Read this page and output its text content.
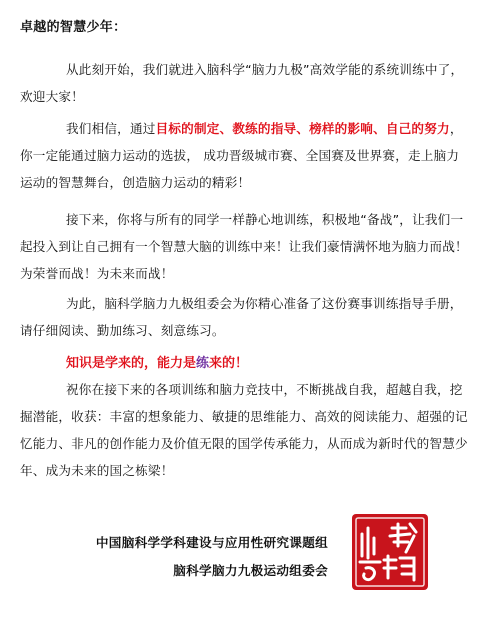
卓越的智慧少年：

从此刻开始，我们就进入脑科学“脑力九极”高效学能的系统训练中了，欢迎大家！

我们相信，通过目标的制定、教练的指导、榜样的影响、自己的努力，你一定能通过脑力运动的选拔， 成功晋级城市赛、全国赛及世界赛，走上脑力运动的智慧舞台，创造脑力运动的精彩！

接下来，你将与所有的同学一样静心地训练，积极地“备战”，让我们一起投入到让自己拥有一个智慧大脑的训练中来！让我们豪情满怀地为脑力而战！为荣誉而战！为未来而战！

为此，脑科学脑力九极组委会为你精心准备了这份赛事训练指导手册，请仔细阅读、勤加练习、刻意练习。

知识是学来的，能力是练来的！

祝你在接下来的各项训练和脑力竞技中，不断挑战自我，超越自我，挖掘潜能，收获：丰富的想象能力、敏捷的思维能力、高效的阅读能力、超强的记忆能力、非凡的创作能力及价值无限的国学传承能力，从而成为新时代的智慧少年、成为未来的国之栋梁！

中国脑科学学科建设与应用性研究课题组
脑科学脑力九极运动组委会
